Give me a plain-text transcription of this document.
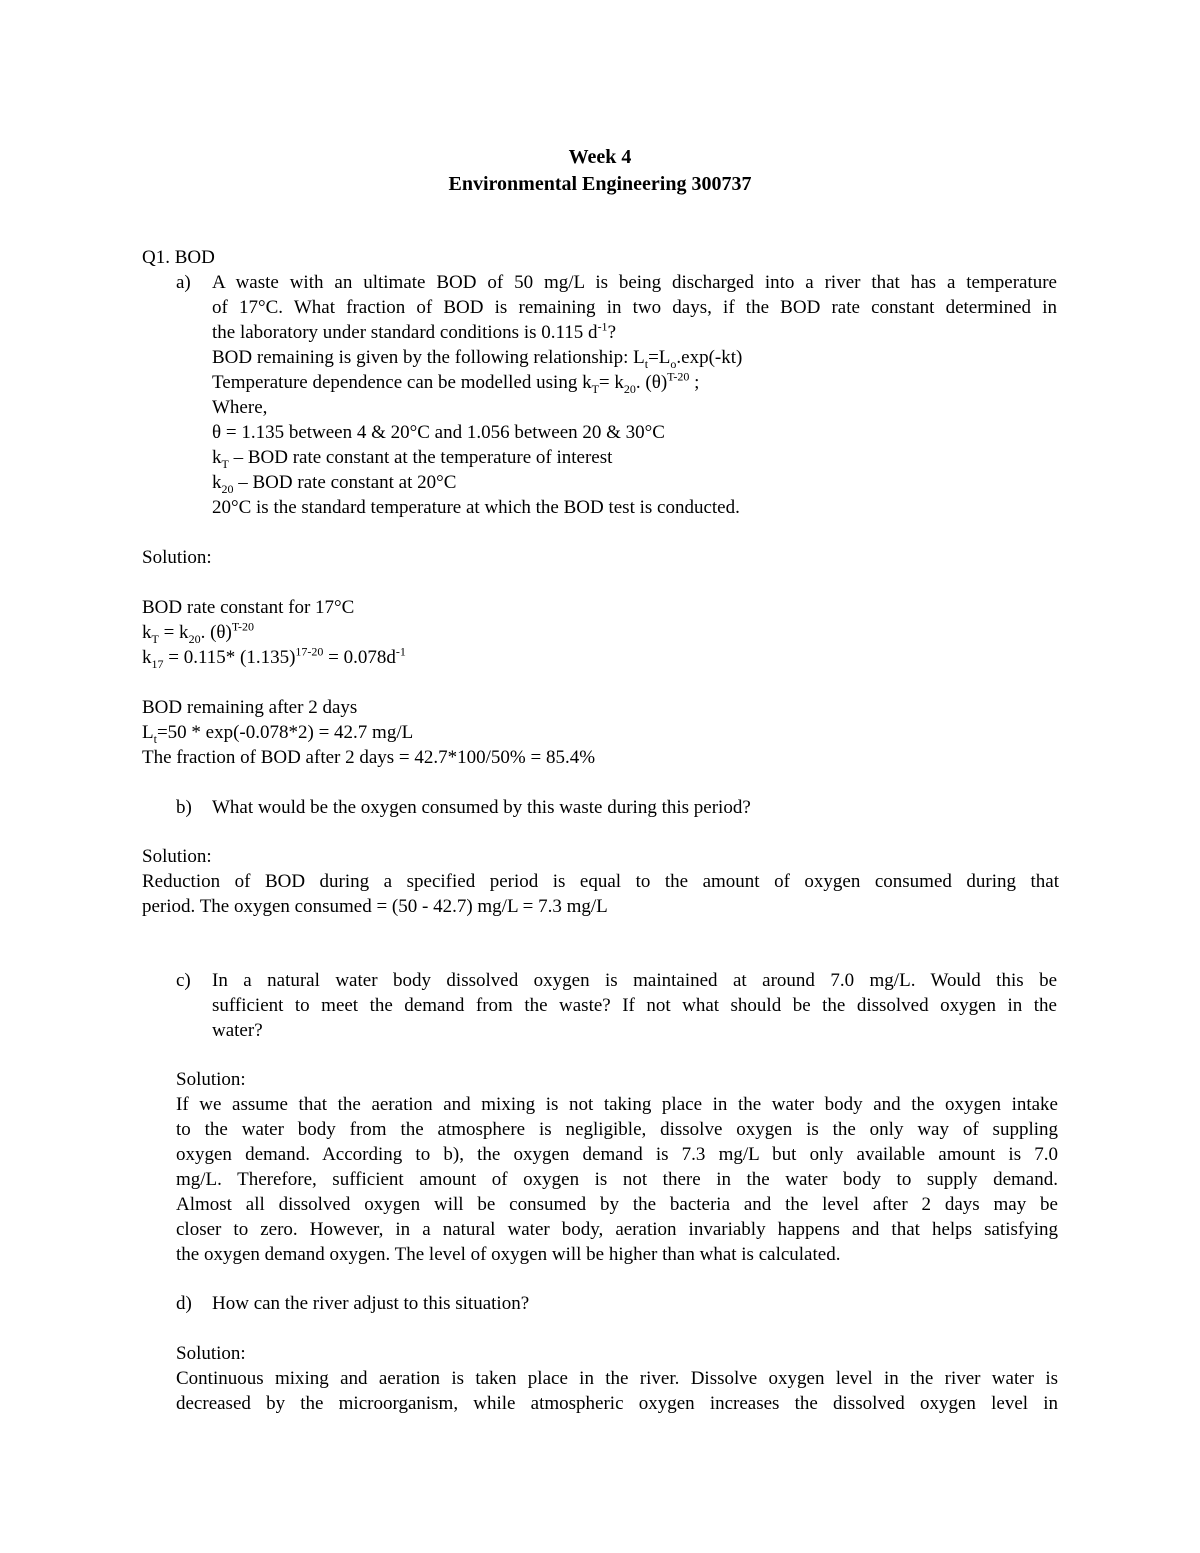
Week 4
Environmental Engineering 300737
Q1. BOD
a) A waste with an ultimate BOD of 50 mg/L is being discharged into a river that has a temperature
of 17°C. What fraction of BOD is remaining in two days, if the BOD rate constant determined in
the laboratory under standard conditions is 0.115 $d^{-1}$?
BOD remaining is given by the following relationship: $L_t=L_o.\exp(-kt)$
Temperature dependence can be modelled using $k_T= k_{20}$. $(\theta)^{T-20}$ ;
Where,
θ = 1.135 between 4 & 20°C and 1.056 between 20 & 30°C
$k_T$ – BOD rate constant at the temperature of interest
$k_{20}$ – BOD rate constant at 20°C
20°C is the standard temperature at which the BOD test is conducted.
Solution:
BOD rate constant for 17°C
$k_T = k_{20}$. $(\theta)^{T-20}$
$k_{17} = 0.115*$ $(1.135)^{17-20} = 0.078d^{-1}$
BOD remaining after 2 days
$L_t=50 * \exp(-0.078*2) = 42.7$ mg/L
The fraction of BOD after 2 days = 42.7*100/50% = 85.4%
b) What would be the oxygen consumed by this waste during this period?
Solution:
Reduction of BOD during a specified period is equal to the amount of oxygen consumed during that
period. The oxygen consumed = (50 - 42.7) mg/L = 7.3 mg/L
c) In a natural water body dissolved oxygen is maintained at around 7.0 mg/L. Would this be
sufficient to meet the demand from the waste? If not what should be the dissolved oxygen in the
water?
Solution:
If we assume that the aeration and mixing is not taking place in the water body and the oxygen intake
to the water body from the atmosphere is negligible, dissolve oxygen is the only way of suppling
oxygen demand. According to b), the oxygen demand is 7.3 mg/L but only available amount is 7.0
mg/L. Therefore, sufficient amount of oxygen is not there in the water body to supply demand.
Almost all dissolved oxygen will be consumed by the bacteria and the level after 2 days may be
closer to zero. However, in a natural water body, aeration invariably happens and that helps satisfying
the oxygen demand oxygen. The level of oxygen will be higher than what is calculated.
d) How can the river adjust to this situation?
Solution:
Continuous mixing and aeration is taken place in the river. Dissolve oxygen level in the river water is
decreased by the microorganism, while atmospheric oxygen increases the dissolved oxygen level in
